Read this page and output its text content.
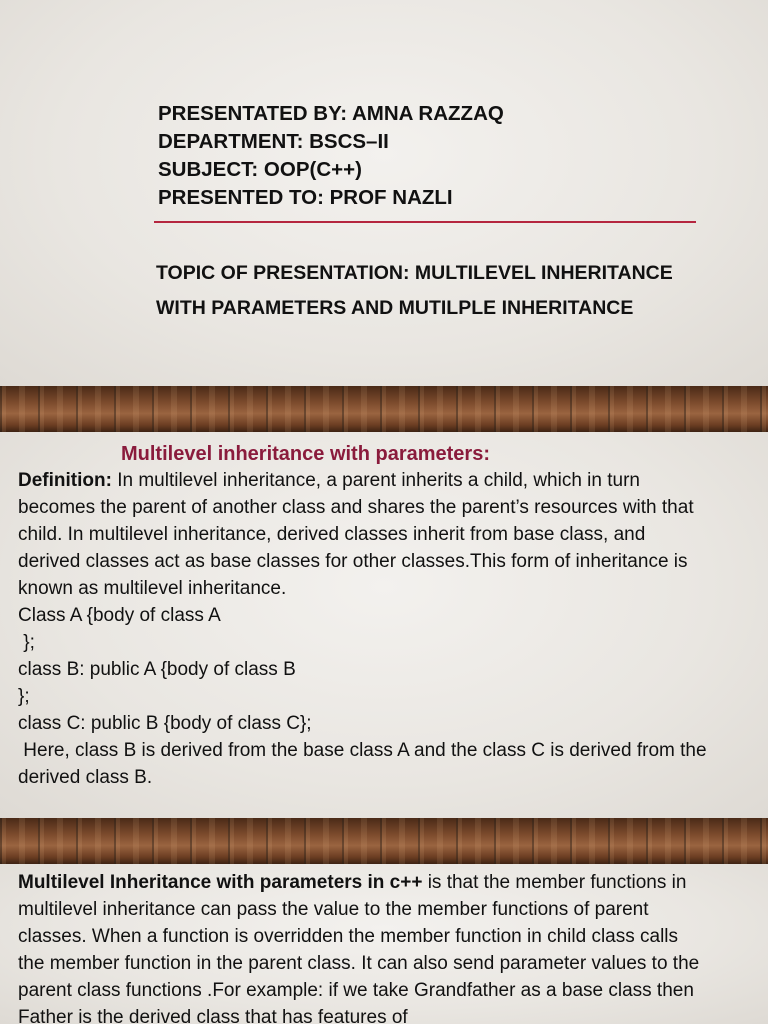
PRESENTATED BY: AMNA RAZZAQ
DEPARTMENT: BSCS–II
SUBJECT: OOP(C++)
PRESENTED TO: PROF NAZLI
TOPIC OF PRESENTATION: MULTILEVEL INHERITANCE
WITH PARAMETERS AND MUTILPLE INHERITANCE
Multilevel inheritance with parameters:
Definition: In multilevel inheritance, a parent inherits a child, which in turn
becomes the parent of another class and shares the parent’s resources with that
child. In multilevel inheritance, derived classes inherit from base class, and
derived classes act as base classes for other classes.This form of inheritance is
known as multilevel inheritance.
Class A {body of class A
};
class B: public A {body of class B
};
class C: public B {body of class C};
Here, class B is derived from the base class A and the class C is derived from the
derived class B.
Multilevel Inheritance with parameters in c++ is that the member functions in
multilevel inheritance can pass the value to the member functions of parent
classes. When a function is overridden the member function in child class calls
the member function in the parent class. It can also send parameter values to the
parent class functions .For example: if we take Grandfather as a base class then
Father is the derived class that has features of
